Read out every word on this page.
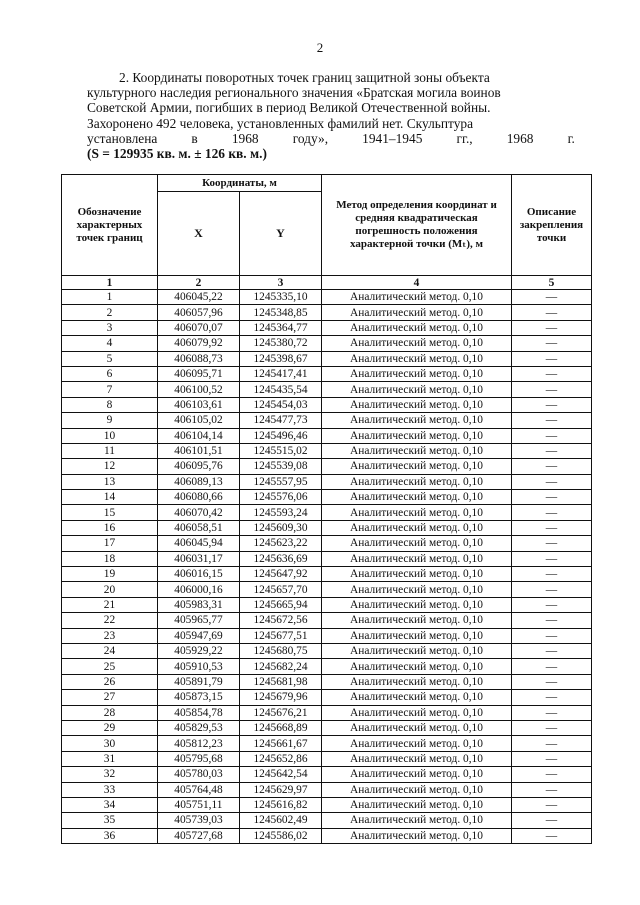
2
2. Координаты поворотных точек границ защитной зоны объекта
культурного наследия регионального значения «Братская могила воинов
Советской Армии, погибших в период Великой Отечественной войны.
Захоронено 492 человека, установленных фамилий нет. Скульптура
установлена	в	1968	году»,	1941–1945	гг.,	1968	г.
(S = 129935 кв. м. ± 126 кв. м.)
Обозначение характерных точек границ	Координаты, м		Метод определения координат и средняя квадратическая погрешность положения характерной точки (Mₜ), м	Описание закрепления точки
	X	Y		
1	2	3	4	5
1	406045,22	1245335,10	Аналитический метод. 0,10	—
2	406057,96	1245348,85	Аналитический метод. 0,10	—
3	406070,07	1245364,77	Аналитический метод. 0,10	—
4	406079,92	1245380,72	Аналитический метод. 0,10	—
5	406088,73	1245398,67	Аналитический метод. 0,10	—
6	406095,71	1245417,41	Аналитический метод. 0,10	—
7	406100,52	1245435,54	Аналитический метод. 0,10	—
8	406103,61	1245454,03	Аналитический метод. 0,10	—
9	406105,02	1245477,73	Аналитический метод. 0,10	—
10	406104,14	1245496,46	Аналитический метод. 0,10	—
11	406101,51	1245515,02	Аналитический метод. 0,10	—
12	406095,76	1245539,08	Аналитический метод. 0,10	—
13	406089,13	1245557,95	Аналитический метод. 0,10	—
14	406080,66	1245576,06	Аналитический метод. 0,10	—
15	406070,42	1245593,24	Аналитический метод. 0,10	—
16	406058,51	1245609,30	Аналитический метод. 0,10	—
17	406045,94	1245623,22	Аналитический метод. 0,10	—
18	406031,17	1245636,69	Аналитический метод. 0,10	—
19	406016,15	1245647,92	Аналитический метод. 0,10	—
20	406000,16	1245657,70	Аналитический метод. 0,10	—
21	405983,31	1245665,94	Аналитический метод. 0,10	—
22	405965,77	1245672,56	Аналитический метод. 0,10	—
23	405947,69	1245677,51	Аналитический метод. 0,10	—
24	405929,22	1245680,75	Аналитический метод. 0,10	—
25	405910,53	1245682,24	Аналитический метод. 0,10	—
26	405891,79	1245681,98	Аналитический метод. 0,10	—
27	405873,15	1245679,96	Аналитический метод. 0,10	—
28	405854,78	1245676,21	Аналитический метод. 0,10	—
29	405829,53	1245668,89	Аналитический метод. 0,10	—
30	405812,23	1245661,67	Аналитический метод. 0,10	—
31	405795,68	1245652,86	Аналитический метод. 0,10	—
32	405780,03	1245642,54	Аналитический метод. 0,10	—
33	405764,48	1245629,97	Аналитический метод. 0,10	—
34	405751,11	1245616,82	Аналитический метод. 0,10	—
35	405739,03	1245602,49	Аналитический метод. 0,10	—
36	405727,68	1245586,02	Аналитический метод. 0,10	—
